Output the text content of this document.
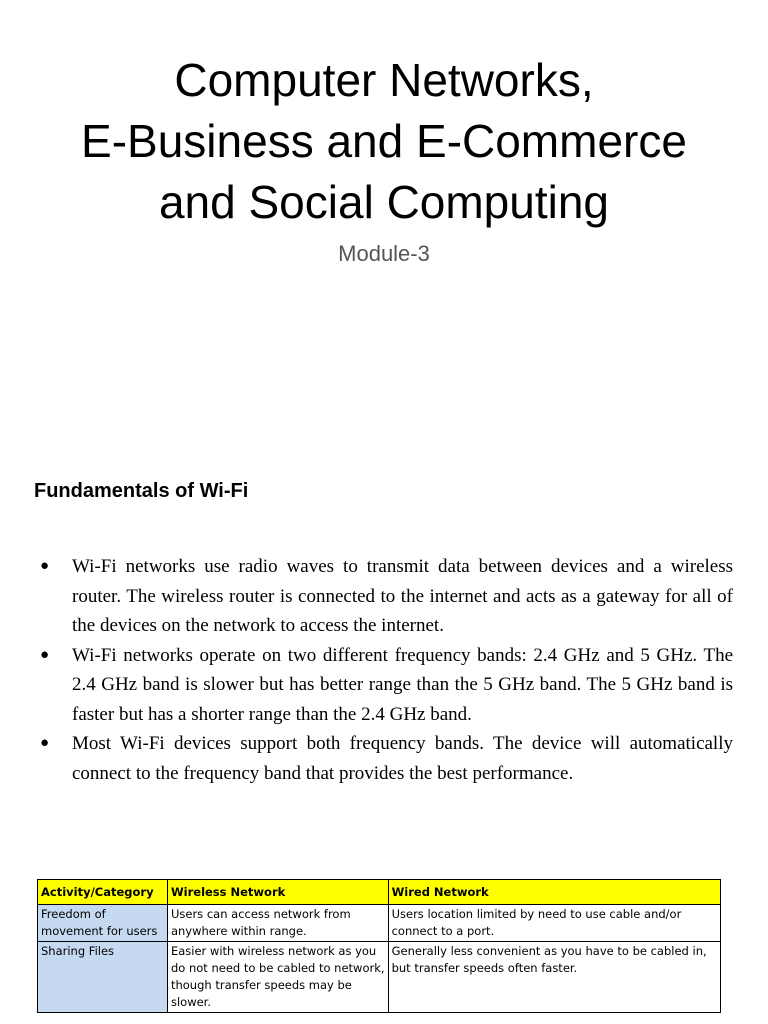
Computer Networks,
E-Business and E-Commerce
and Social Computing
Module-3
Fundamentals of Wi-Fi
● Wi-Fi networks use radio waves to transmit data between devices and a wireless router. The wireless router is connected to the internet and acts as a gateway for all of the devices on the network to access the internet.
● Wi-Fi networks operate on two different frequency bands: 2.4 GHz and 5 GHz. The 2.4 GHz band is slower but has better range than the 5 GHz band. The 5 GHz band is faster but has a shorter range than the 2.4 GHz band.
● Most Wi-Fi devices support both frequency bands. The device will automatically connect to the frequency band that provides the best performance.
Activity/Category	Wireless Network	Wired Network
Freedom of movement for users	Users can access network from anywhere within range.	Users location limited by need to use cable and/or connect to a port.
Sharing Files	Easier with wireless network as you do not need to be cabled to network, though transfer speeds may be slower.	Generally less convenient as you have to be cabled in, but transfer speeds often faster.
